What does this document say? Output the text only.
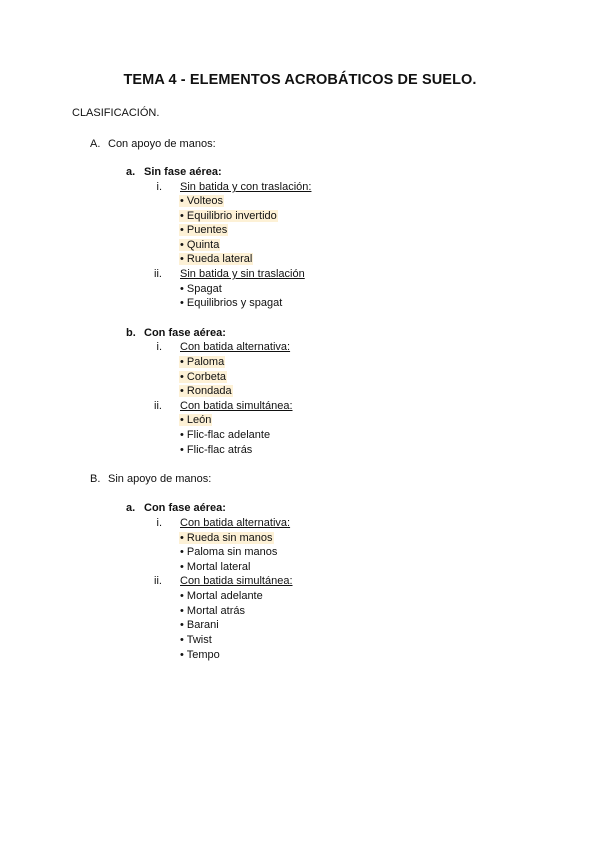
TEMA 4 - ELEMENTOS ACROBÁTICOS DE SUELO.
CLASIFICACIÓN.
A. Con apoyo de manos:
a. Sin fase aérea:
i. Sin batida y con traslación:
• Volteos
• Equilibrio invertido
• Puentes
• Quinta
• Rueda lateral
ii. Sin batida y sin traslación
• Spagat
• Equilibrios y spagat
b. Con fase aérea:
i. Con batida alternativa:
• Paloma
• Corbeta
• Rondada
ii. Con batida simultánea:
• León
• Flic-flac adelante
• Flic-flac atrás
B. Sin apoyo de manos:
a. Con fase aérea:
i. Con batida alternativa:
• Rueda sin manos
• Paloma sin manos
• Mortal lateral
ii. Con batida simultánea:
• Mortal adelante
• Mortal atrás
• Barani
• Twist
• Tempo
